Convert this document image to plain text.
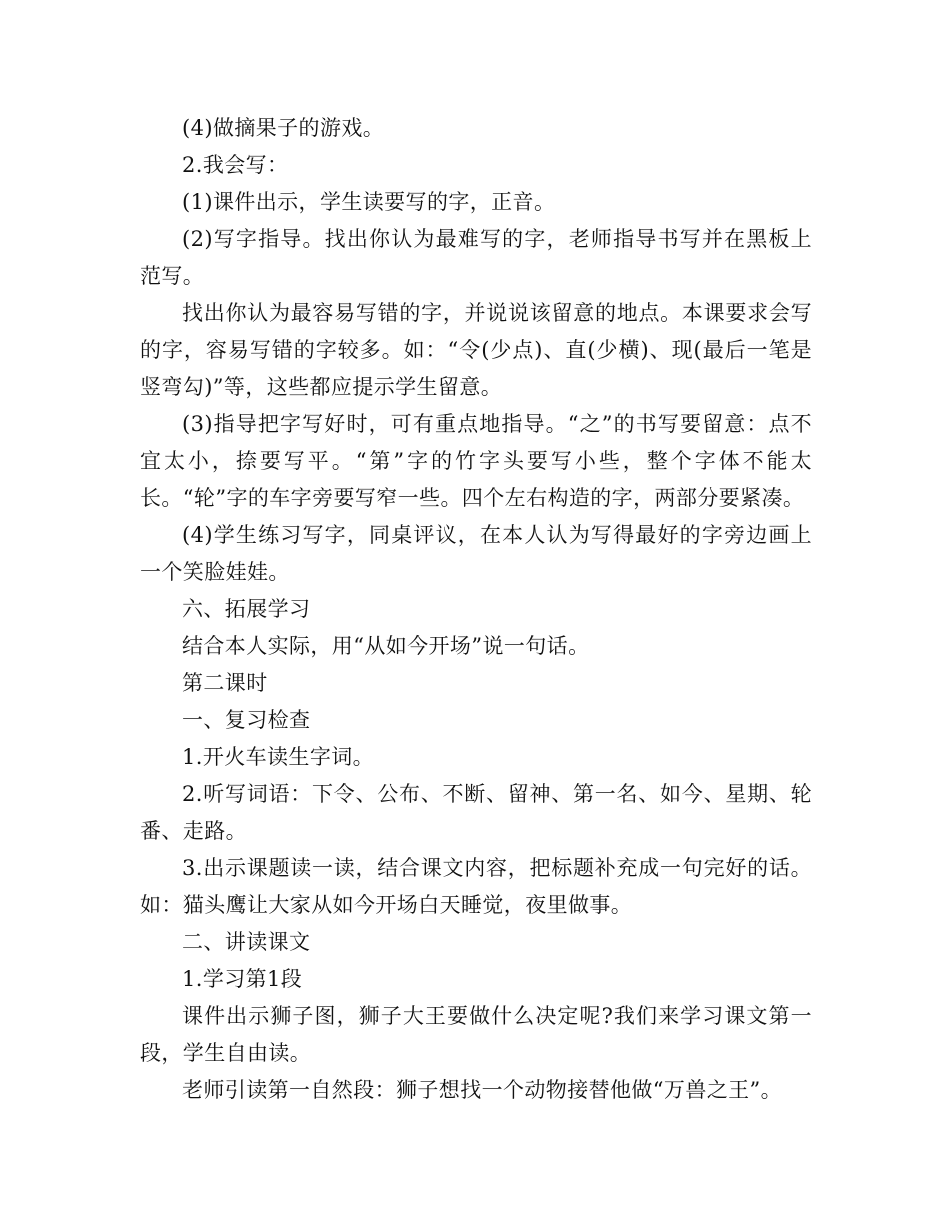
(4)做摘果子的游戏。

2.我会写：

(1)课件出示，学生读要写的字，正音。

(2)写字指导。找出你认为最难写的字，老师指导书写并在黑板上范写。

找出你认为最容易写错的字，并说说该留意的地点。本课要求会写的字，容易写错的字较多。如：“令(少点)、直(少横)、现(最后一笔是竖弯勾)”等，这些都应提示学生留意。

(3)指导把字写好时，可有重点地指导。“之”的书写要留意：点不宜太小，捺要写平。“第”字的竹字头要写小些，整个字体不能太长。“轮”字的车字旁要写窄一些。四个左右构造的字，两部分要紧凑。

(4)学生练习写字，同桌评议，在本人认为写得最好的字旁边画上一个笑脸娃娃。

六、拓展学习

结合本人实际，用“从如今开场”说一句话。

第二课时

一、复习检查

1.开火车读生字词。

2.听写词语：下令、公布、不断、留神、第一名、如今、星期、轮番、走路。

3.出示课题读一读，结合课文内容，把标题补充成一句完好的话。如：猫头鹰让大家从如今开场白天睡觉，夜里做事。

二、讲读课文

1.学习第1段

课件出示狮子图，狮子大王要做什么决定呢?我们来学习课文第一段，学生自由读。

老师引读第一自然段：狮子想找一个动物接替他做“万兽之王”。
